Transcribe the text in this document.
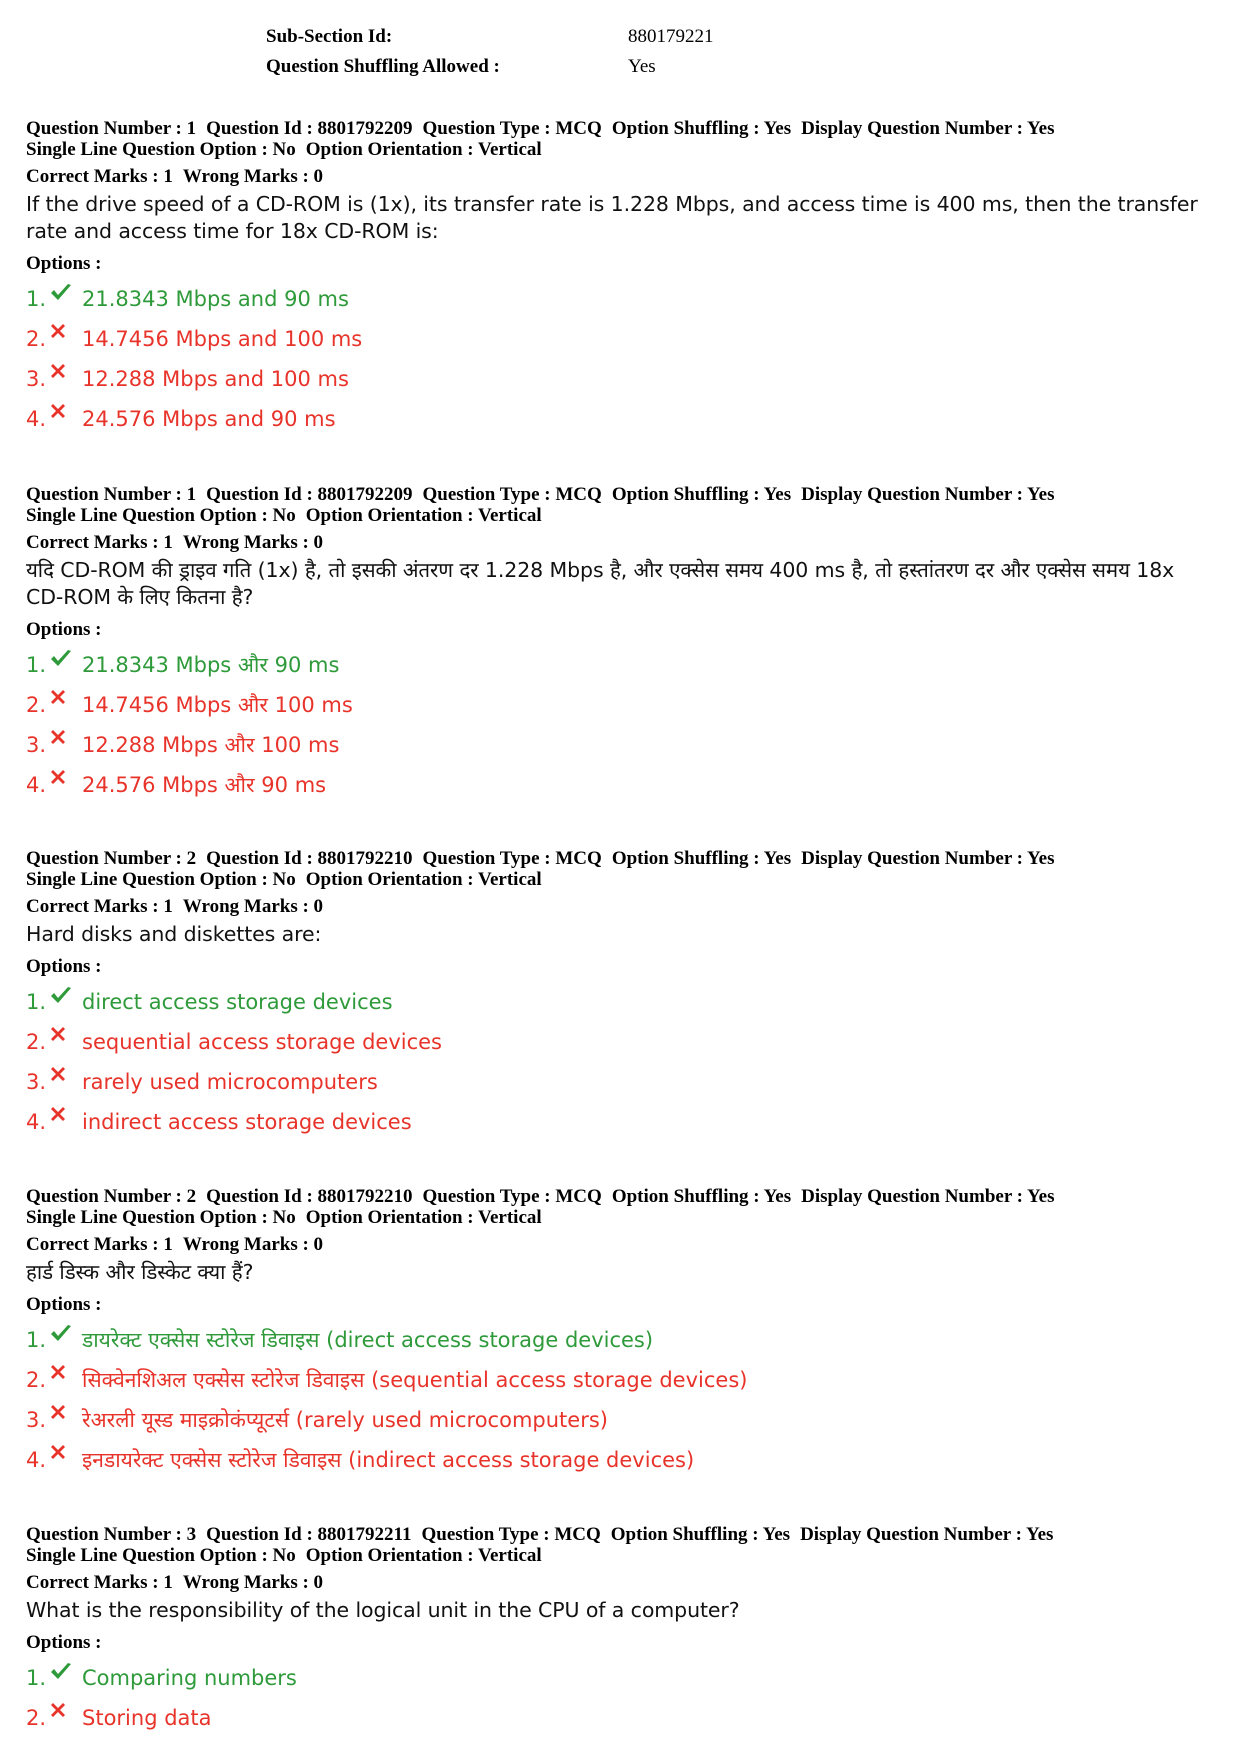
Sub-Section Id:	880179221
Question Shuffling Allowed :	Yes
Question Number : 1 Question Id : 8801792209 Question Type : MCQ Option Shuffling : Yes Display Question Number : Yes
Single Line Question Option : No Option Orientation : Vertical
Correct Marks : 1 Wrong Marks : 0
If the drive speed of a CD-ROM is (1x), its transfer rate is 1.228 Mbps, and access time is 400 ms, then the transfer rate and access time for 18x CD-ROM is:
Options :
1. 21.8343 Mbps and 90 ms
2. 14.7456 Mbps and 100 ms
3. 12.288 Mbps and 100 ms
4. 24.576 Mbps and 90 ms
Question Number : 1 Question Id : 8801792209 Question Type : MCQ Option Shuffling : Yes Display Question Number : Yes
Single Line Question Option : No Option Orientation : Vertical
Correct Marks : 1 Wrong Marks : 0
यदि CD-ROM की ड्राइव गति (1x) है, तो इसकी अंतरण दर 1.228 Mbps है, और एक्सेस समय 400 ms है, तो हस्तांतरण दर और एक्सेस समय 18x CD-ROM के लिए कितना है?
Options :
1. 21.8343 Mbps और 90 ms
2. 14.7456 Mbps और 100 ms
3. 12.288 Mbps और 100 ms
4. 24.576 Mbps और 90 ms
Question Number : 2 Question Id : 8801792210 Question Type : MCQ Option Shuffling : Yes Display Question Number : Yes
Single Line Question Option : No Option Orientation : Vertical
Correct Marks : 1 Wrong Marks : 0
Hard disks and diskettes are:
Options :
1. direct access storage devices
2. sequential access storage devices
3. rarely used microcomputers
4. indirect access storage devices
Question Number : 2 Question Id : 8801792210 Question Type : MCQ Option Shuffling : Yes Display Question Number : Yes
Single Line Question Option : No Option Orientation : Vertical
Correct Marks : 1 Wrong Marks : 0
हार्ड डिस्क और डिस्केट क्या हैं?
Options :
1. डायरेक्ट एक्सेस स्टोरेज डिवाइस (direct access storage devices)
2. सिक्वेनशिअल एक्सेस स्टोरेज डिवाइस (sequential access storage devices)
3. रेअरली यूस्ड माइक्रोकंप्यूटर्स (rarely used microcomputers)
4. इनडायरेक्ट एक्सेस स्टोरेज डिवाइस (indirect access storage devices)
Question Number : 3 Question Id : 8801792211 Question Type : MCQ Option Shuffling : Yes Display Question Number : Yes
Single Line Question Option : No Option Orientation : Vertical
Correct Marks : 1 Wrong Marks : 0
What is the responsibility of the logical unit in the CPU of a computer?
Options :
1. Comparing numbers
2. Storing data
